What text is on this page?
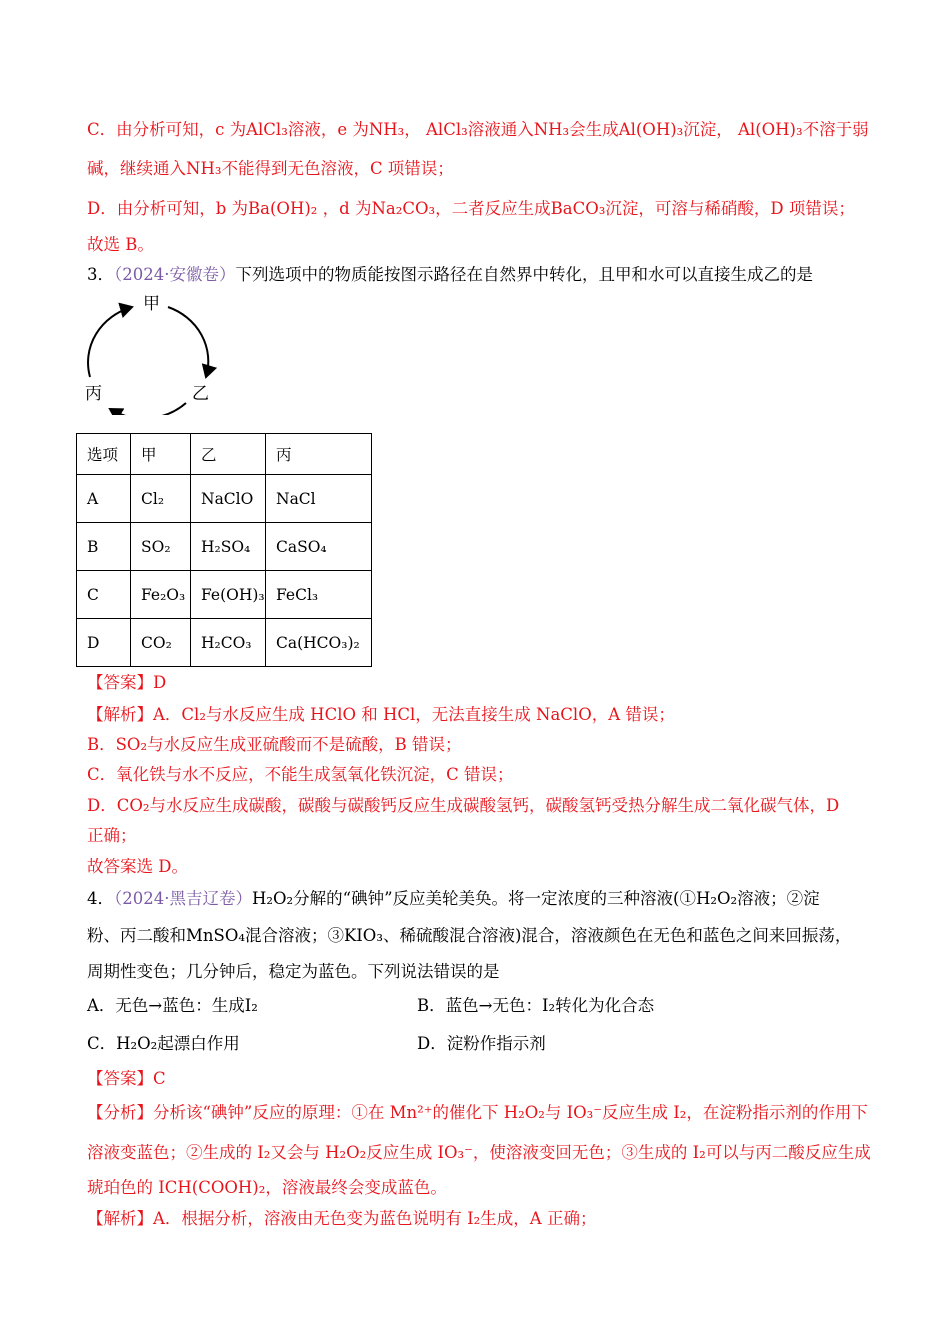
C．由分析可知，c 为AlCl₃溶液，e 为NH₃， AlCl₃溶液通入NH₃会生成Al(OH)₃沉淀， Al(OH)₃不溶于弱
碱，继续通入NH₃不能得到无色溶液，C 项错误；
D．由分析可知，b 为Ba(OH)₂ ，d 为Na₂CO₃，二者反应生成BaCO₃沉淀，可溶与稀硝酸，D 项错误；
故选 B。
3．（2024·安徽卷）下列选项中的物质能按图示路径在自然界中转化，且甲和水可以直接生成乙的是
甲
乙
丙
选项	甲	乙	丙
A	Cl₂	NaClO	NaCl
B	SO₂	H₂SO₄	CaSO₄
C	Fe₂O₃	Fe(OH)₃	FeCl₃
D	CO₂	H₂CO₃	Ca(HCO₃)₂
【答案】D
【解析】A．Cl₂与水反应生成 HClO 和 HCl，无法直接生成 NaClO，A 错误；
B．SO₂与水反应生成亚硫酸而不是硫酸，B 错误；
C．氧化铁与水不反应，不能生成氢氧化铁沉淀，C 错误；
D．CO₂与水反应生成碳酸，碳酸与碳酸钙反应生成碳酸氢钙，碳酸氢钙受热分解生成二氧化碳气体，D
正确；
故答案选 D。
4．（2024·黑吉辽卷）H₂O₂分解的“碘钟”反应美轮美奂。将一定浓度的三种溶液(①H₂O₂溶液；②淀
粉、丙二酸和MnSO₄混合溶液；③KIO₃、稀硫酸混合溶液)混合，溶液颜色在无色和蓝色之间来回振荡，
周期性变色；几分钟后，稳定为蓝色。下列说法错误的是
A．无色→蓝色：生成I₂	B．蓝色→无色：I₂转化为化合态
C．H₂O₂起漂白作用	D．淀粉作指示剂
【答案】C
【分析】分析该“碘钟”反应的原理：①在 Mn²⁺的催化下 H₂O₂与 IO₃⁻反应生成 I₂，在淀粉指示剂的作用下
溶液变蓝色；②生成的 I₂又会与 H₂O₂反应生成 IO₃⁻，使溶液变回无色；③生成的 I₂可以与丙二酸反应生成
琥珀色的 ICH(COOH)₂，溶液最终会变成蓝色。
【解析】A．根据分析，溶液由无色变为蓝色说明有 I₂生成，A 正确；
